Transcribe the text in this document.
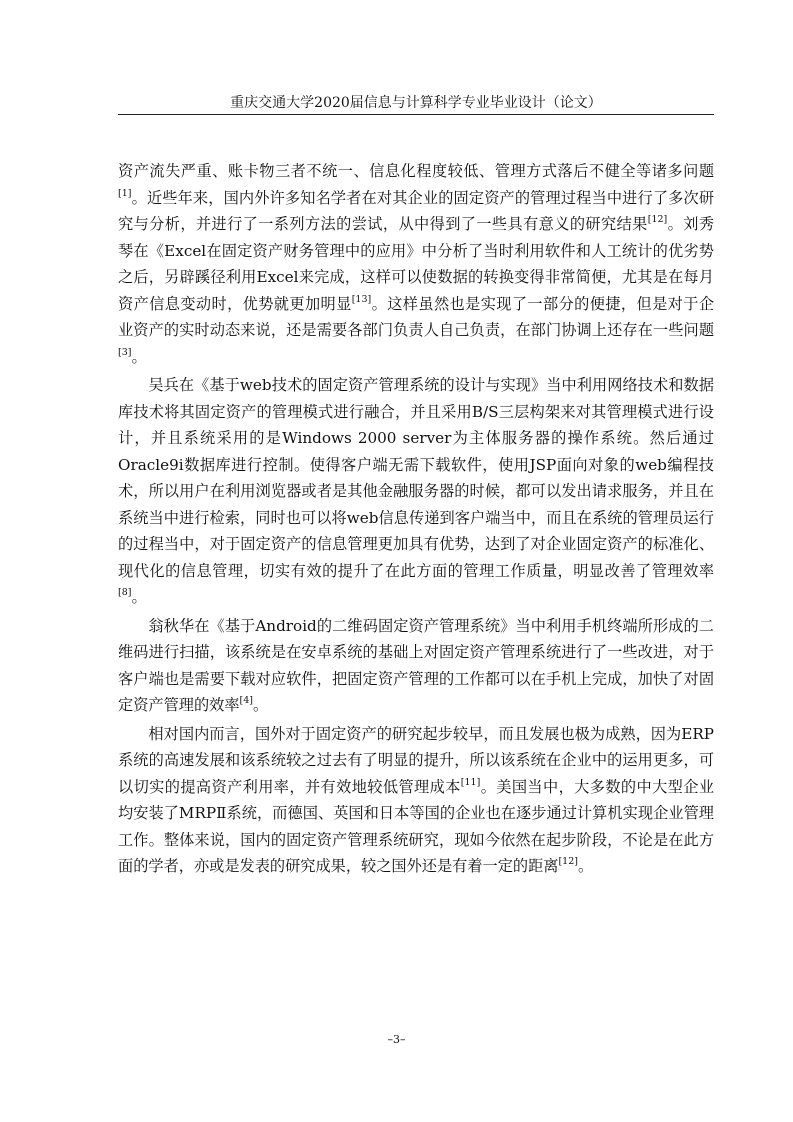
重庆交通大学2020届信息与计算科学专业毕业设计（论文）

资产流失严重、账卡物三者不统一、信息化程度较低、管理方式落后不健全等诸多问题[1]。近些年来，国内外许多知名学者在对其企业的固定资产的管理过程当中进行了多次研究与分析，并进行了一系列方法的尝试，从中得到了一些具有意义的研究结果[12]。刘秀琴在《Excel在固定资产财务管理中的应用》中分析了当时利用软件和人工统计的优劣势之后，另辟蹊径利用Excel来完成，这样可以使数据的转换变得非常简便，尤其是在每月资产信息变动时，优势就更加明显[13]。这样虽然也是实现了一部分的便捷，但是对于企业资产的实时动态来说，还是需要各部门负责人自己负责，在部门协调上还存在一些问题[3]。

吴兵在《基于web技术的固定资产管理系统的设计与实现》当中利用网络技术和数据库技术将其固定资产的管理模式进行融合，并且采用B/S三层构架来对其管理模式进行设计，并且系统采用的是Windows 2000 server为主体服务器的操作系统。然后通过Oracle9i数据库进行控制。使得客户端无需下载软件，使用JSP面向对象的web编程技术，所以用户在利用浏览器或者是其他金融服务器的时候，都可以发出请求服务，并且在系统当中进行检索，同时也可以将web信息传递到客户端当中，而且在系统的管理员运行的过程当中，对于固定资产的信息管理更加具有优势，达到了对企业固定资产的标准化、现代化的信息管理，切实有效的提升了在此方面的管理工作质量，明显改善了管理效率[8]。

翁秋华在《基于Android的二维码固定资产管理系统》当中利用手机终端所形成的二维码进行扫描，该系统是在安卓系统的基础上对固定资产管理系统进行了一些改进，对于客户端也是需要下载对应软件，把固定资产管理的工作都可以在手机上完成，加快了对固定资产管理的效率[4]。

相对国内而言，国外对于固定资产的研究起步较早，而且发展也极为成熟，因为ERP系统的高速发展和该系统较之过去有了明显的提升，所以该系统在企业中的运用更多，可以切实的提高资产利用率，并有效地较低管理成本[11]。美国当中，大多数的中大型企业均安装了MRPⅡ系统，而德国、英国和日本等国的企业也在逐步通过计算机实现企业管理工作。整体来说，国内的固定资产管理系统研究，现如今依然在起步阶段，不论是在此方面的学者，亦或是发表的研究成果，较之国外还是有着一定的距离[12]。

–3–
